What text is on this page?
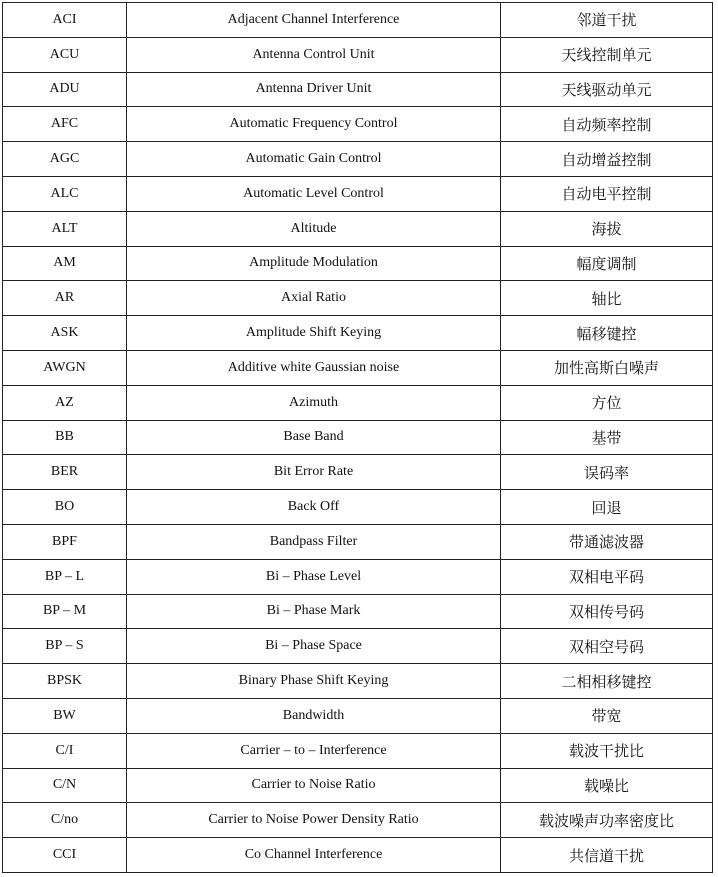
ACI	Adjacent Channel Interference	邻道干扰
ACU	Antenna Control Unit	天线控制单元
ADU	Antenna Driver Unit	天线驱动单元
AFC	Automatic Frequency Control	自动频率控制
AGC	Automatic Gain Control	自动增益控制
ALC	Automatic Level Control	自动电平控制
ALT	Altitude	海拔
AM	Amplitude Modulation	幅度调制
AR	Axial Ratio	轴比
ASK	Amplitude Shift Keying	幅移键控
AWGN	Additive white Gaussian noise	加性高斯白噪声
AZ	Azimuth	方位
BB	Base Band	基带
BER	Bit Error Rate	误码率
BO	Back Off	回退
BPF	Bandpass Filter	带通滤波器
BP – L	Bi – Phase Level	双相电平码
BP – M	Bi – Phase Mark	双相传号码
BP – S	Bi – Phase Space	双相空号码
BPSK	Binary Phase Shift Keying	二相相移键控
BW	Bandwidth	带宽
C/I	Carrier – to – Interference	载波干扰比
C/N	Carrier to Noise Ratio	载噪比
C/no	Carrier to Noise Power Density Ratio	载波噪声功率密度比
CCI	Co Channel Interference	共信道干扰
